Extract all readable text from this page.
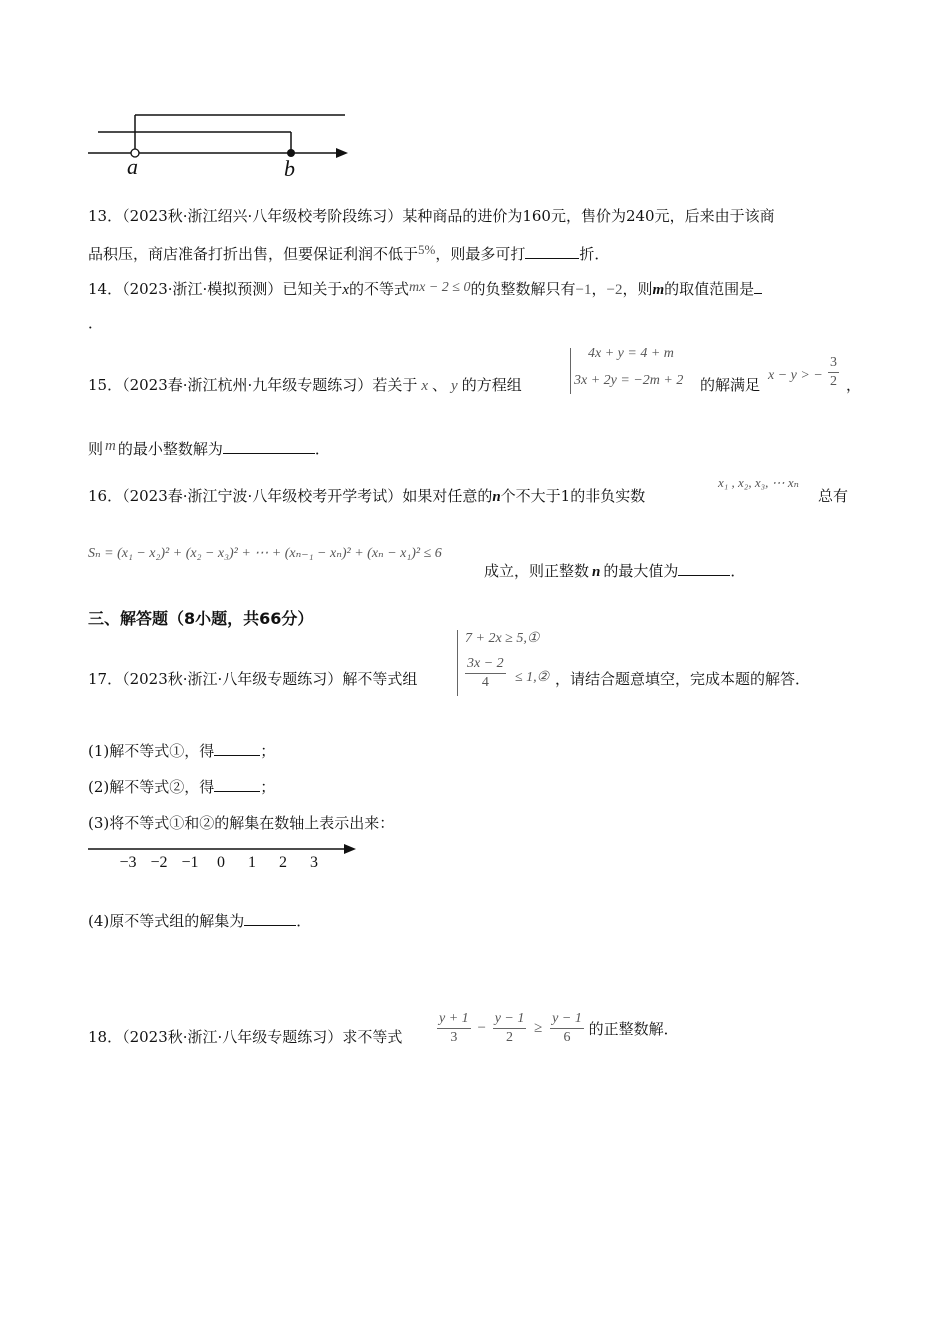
a	b
13．（2023秋·浙江绍兴·八年级校考阶段练习）某种商品的进价为160元，售价为240元，后来由于该商
品积压，商店准备打折出售，但要保证利润不低于5%，则最多可打	折．
14．（2023·浙江·模拟预测）已知关于x的不等式mx − 2 ≤ 0的负整数解只有−1，−2，则m的取值范围是
．
4x + y = 4 + m
3x + 2y = −2m + 2
15．（2023春·浙江杭州·九年级专题练习）若关于 x 、 y 的方程组	的解满足
x − y > − $\frac{3}{2}$ ，
则 m 的最小整数解为	．
16．（2023春·浙江宁波·八年级校考开学考试）如果对任意的n个不大于1的非负实数
x₁ , x₂, x₃, ⋯ xₙ
总有
Sₙ = (x₁ − x₂)² + (x₂ − x₃)² + ⋯ + (xₙ₋₁ − xₙ)² + (xₙ − x₁)² ≤ 6
成立，则正整数 n 的最大值为	．
三、解答题（8小题，共66分）
7 + 2x ≥ 5,①
$\frac{3x - 2}{4}$ ≤ 1,②
17．（2023秋·浙江·八年级专题练习）解不等式组	，请结合题意填空，完成本题的解答．
(1)解不等式①，得	；
(2)解不等式②，得	；
(3)将不等式①和②的解集在数轴上表示出来：
−3 −2 −1 0 1 2 3
(4)原不等式组的解集为	．
18．（2023秋·浙江·八年级专题练习）求不等式 $\frac{y + 1}{3} - \frac{y - 1}{2} \ge \frac{y - 1}{6}$ 的正整数解．
